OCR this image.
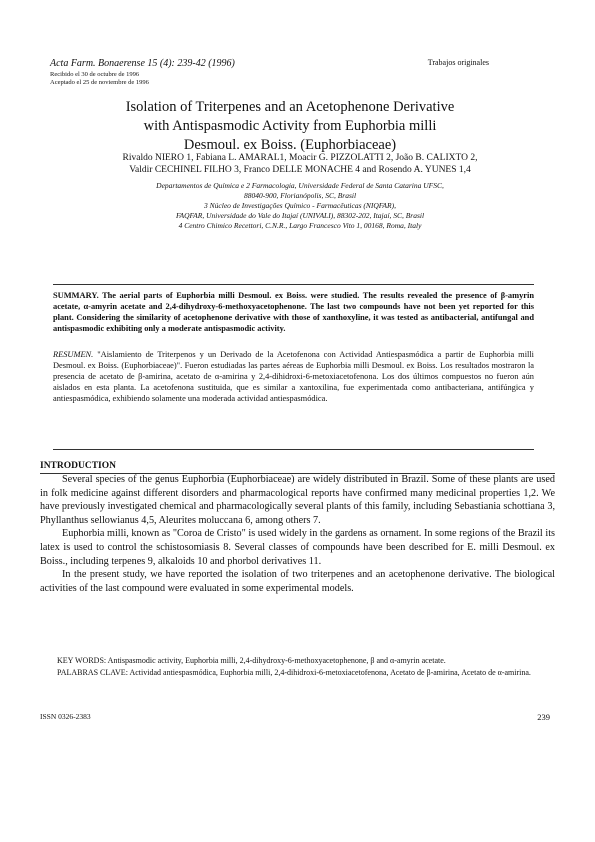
Acta Farm. Bonaerense 15 (4): 239-42 (1996)	Trabajos originales
Recibido el 30 de octubre de 1996
Aceptado el 25 de noviembre de 1996
Isolation of Triterpenes and an Acetophenone Derivative
with Antispasmodic Activity from Euphorbia milli
Desmoul. ex Boiss. (Euphorbiaceae)
Rivaldo NIERO 1, Fabiana L. AMARAL1, Moacir G. PIZZOLATTI 2, João B. CALIXTO 2,
Valdir CECHINEL FILHO 3, Franco DELLE MONACHE 4 and Rosendo A. YUNES 1,4
Departamentos de Química e 2 Farmacologia, Universidade Federal de Santa Catarina UFSC,
88040-900, Florianópolis, SC, Brasil
3 Núcleo de Investigações Químico - Farmacêuticas (NIQFAR),
FAQFAR, Universidade do Vale do Itajaí (UNIVALI), 88302-202, Itajaí, SC, Brasil
4 Centro Chimico Recettori, C.N.R., Largo Francesco Vito 1, 00168, Roma, Italy
SUMMARY. The aerial parts of Euphorbia milli Desmoul. ex Boiss. were studied. The results revealed the presence of β-amyrin acetate, α-amyrin acetate and 2,4-dihydroxy-6-methoxyacetophenone. The last two compounds have not been yet reported for this plant. Considering the similarity of acetophenone derivative with those of xanthoxyline, it was tested as antibacterial, antifungal and antispasmodic exhibiting only a moderate antispasmodic activity.
RESUMEN. "Aislamiento de Triterpenos y un Derivado de la Acetofenona con Actividad Antiespasmódica a partir de Euphorbia milli Desmoul. ex Boiss. (Euphorbiaceae)". Fueron estudiadas las partes aéreas de Euphorbia milli Desmoul. ex Boiss. Los resultados mostraron la presencia de acetato de β-amirina, acetato de α-amirina y 2,4-dihidroxi-6-metoxiacetofenona. Los dos últimos compuestos no fueron aún aislados en esta planta. La acetofenona sustituida, que es similar a xantoxilina, fue experimentada como antibacteriana, antifúngica y antiespasmódica, exhibiendo solamente una moderada actividad antiespasmódica.
INTRODUCTION

Several species of the genus Euphorbia (Euphorbiaceae) are widely distributed in Brazil. Some of these plants are used in folk medicine against different disorders and pharmacological reports have confirmed many medicinal properties 1,2. We have previously investigated chemical and pharmacologically several plants of this family, including Sebastiania schottiana 3, Phyllanthus sellowianus 4,5, Aleurites moluccana 6, among others 7.

Euphorbia milli, known as "Coroa de Cristo" is used widely in the gardens as ornament. In some regions of the Brazil its latex is used to control the schistosomiasis 8. Several classes of compounds have been described for E. milli Desmoul. ex Boiss., including terpenes 9, alkaloids 10 and phorbol derivatives 11.

In the present study, we have reported the isolation of two triterpenes and an acetophenone derivative. The biological activities of the last compound were evaluated in some experimental models.

KEY WORDS: Antispasmodic activity, Euphorbia milli, 2,4-dihydroxy-6-methoxyacetophenone, β and α-amyrin acetate.

PALABRAS CLAVE: Actividad antiespasmódica, Euphorbia milli, 2,4-dihidroxi-6-metoxiacetofenona, Acetato de β-amirina, Acetato de α-amirina.

ISSN 0326-2383	239
